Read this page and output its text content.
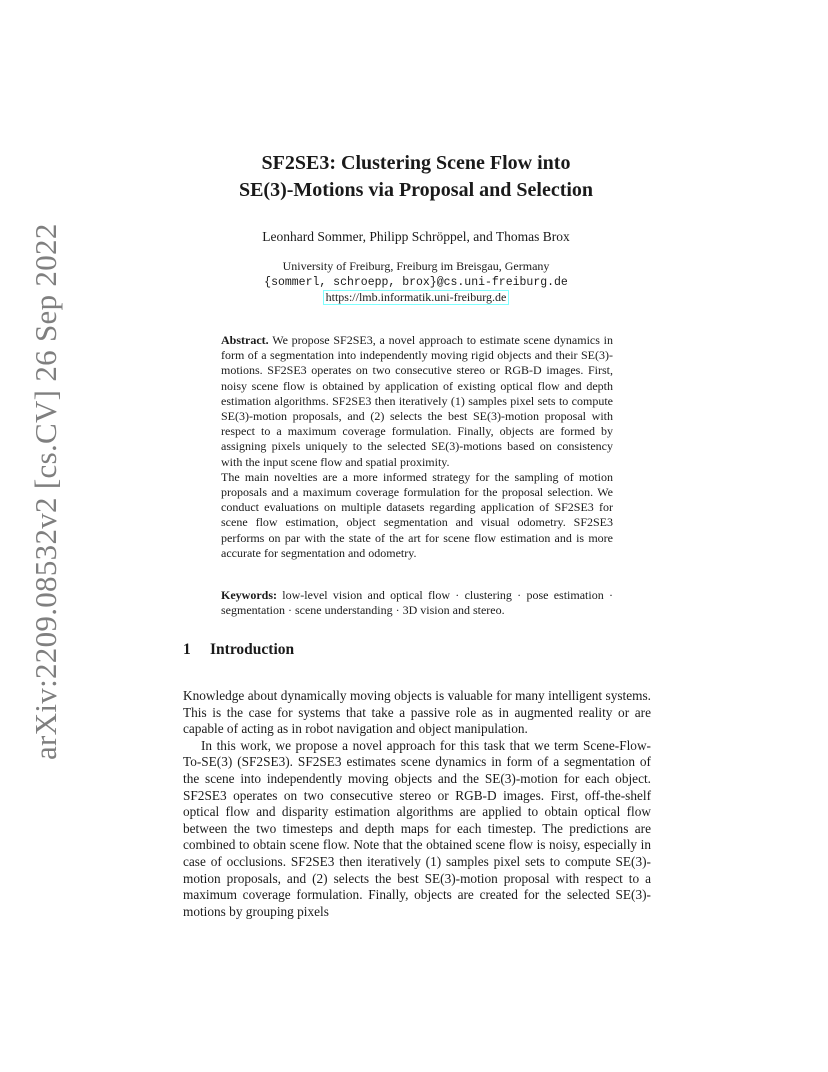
arXiv:2209.08532v2 [cs.CV] 26 Sep 2022
SF2SE3: Clustering Scene Flow into
SE(3)-Motions via Proposal and Selection

Leonhard Sommer, Philipp Schröppel, and Thomas Brox

University of Freiburg, Freiburg im Breisgau, Germany
{sommerl, schroepp, brox}@cs.uni-freiburg.de
https://lmb.informatik.uni-freiburg.de

Abstract. We propose SF2SE3, a novel approach to estimate scene dynamics in form of a segmentation into independently moving rigid objects and their SE(3)-motions. SF2SE3 operates on two consecutive stereo or RGB-D images. First, noisy scene flow is obtained by application of existing optical flow and depth estimation algorithms. SF2SE3 then iteratively (1) samples pixel sets to compute SE(3)-motion proposals, and (2) selects the best SE(3)-motion proposal with respect to a maximum coverage formulation. Finally, objects are formed by assigning pixels uniquely to the selected SE(3)-motions based on consistency with the input scene flow and spatial proximity.

The main novelties are a more informed strategy for the sampling of motion proposals and a maximum coverage formulation for the proposal selection. We conduct evaluations on multiple datasets regarding application of SF2SE3 for scene flow estimation, object segmentation and visual odometry. SF2SE3 performs on par with the state of the art for scene flow estimation and is more accurate for segmentation and odometry.

Keywords: low-level vision and optical flow · clustering · pose estimation · segmentation · scene understanding · 3D vision and stereo.

1 Introduction

Knowledge about dynamically moving objects is valuable for many intelligent systems. This is the case for systems that take a passive role as in augmented reality or are capable of acting as in robot navigation and object manipulation.

In this work, we propose a novel approach for this task that we term Scene-Flow-To-SE(3) (SF2SE3). SF2SE3 estimates scene dynamics in form of a segmentation of the scene into independently moving objects and the SE(3)-motion for each object. SF2SE3 operates on two consecutive stereo or RGB-D images. First, off-the-shelf optical flow and disparity estimation algorithms are applied to obtain optical flow between the two timesteps and depth maps for each timestep. The predictions are combined to obtain scene flow. Note that the obtained scene flow is noisy, especially in case of occlusions. SF2SE3 then iteratively (1) samples pixel sets to compute SE(3)-motion proposals, and (2) selects the best SE(3)-motion proposal with respect to a maximum coverage formulation. Finally, objects are created for the selected SE(3)-motions by grouping pixels
